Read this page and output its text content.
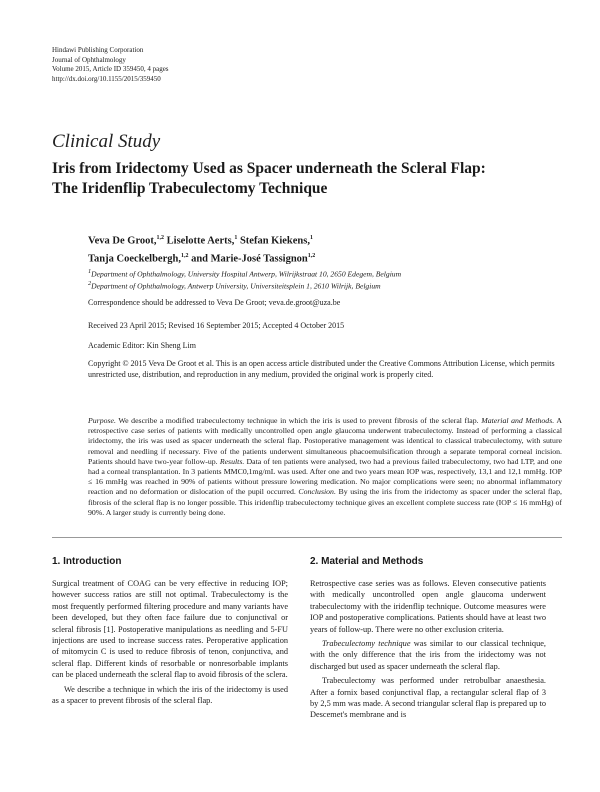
Hindawi Publishing Corporation
Journal of Ophthalmology
Volume 2015, Article ID 359450, 4 pages
http://dx.doi.org/10.1155/2015/359450
Clinical Study
Iris from Iridectomy Used as Spacer underneath the Scleral Flap:
The Iridenflip Trabeculectomy Technique
Veva De Groot,$^{1,2}$ Liselotte Aerts,$^1$ Stefan Kiekens,$^1$
Tanja Coeckelbergh,$^{1,2}$ and Marie-José Tassignon$^{1,2}$
$^1$Department of Ophthalmology, University Hospital Antwerp, Wilrijkstraat 10, 2650 Edegem, Belgium
$^2$Department of Ophthalmology, Antwerp University, Universiteitsplein 1, 2610 Wilrijk, Belgium
Correspondence should be addressed to Veva De Groot; veva.de.groot@uza.be
Received 23 April 2015; Revised 16 September 2015; Accepted 4 October 2015
Academic Editor: Kin Sheng Lim
Copyright © 2015 Veva De Groot et al. This is an open access article distributed under the Creative Commons Attribution License, which permits unrestricted use, distribution, and reproduction in any medium, provided the original work is properly cited.

Purpose. We describe a modified trabeculectomy technique in which the iris is used to prevent fibrosis of the scleral flap. Material and Methods. A retrospective case series of patients with medically uncontrolled open angle glaucoma underwent trabeculectomy. Instead of performing a classical iridectomy, the iris was used as spacer underneath the scleral flap. Postoperative management was identical to classical trabeculectomy, with suture removal and needling if necessary. Five of the patients underwent simultaneous phacoemulsification through a separate temporal corneal incision. Patients should have two-year follow-up. Results. Data of ten patients were analysed, two had a previous failed trabeculectomy, two had LTP, and one had a corneal transplantation. In 3 patients MMC0,1mg/mL was used. After one and two years mean IOP was, respectively, 13,1 and 12,1 mmHg. IOP ≤ 16 mmHg was reached in 90% of patients without pressure lowering medication. No major complications were seen; no abnormal inflammatory reaction and no deformation or dislocation of the pupil occurred. Conclusion. By using the iris from the iridectomy as spacer under the scleral flap, fibrosis of the scleral flap is no longer possible. This iridenflip trabeculectomy technique gives an excellent complete success rate (IOP ≤ 16 mmHg) of 90%. A larger study is currently being done.

1. Introduction

Surgical treatment of COAG can be very effective in reducing IOP; however success ratios are still not optimal. Trabeculectomy is the most frequently performed filtering procedure and many variants have been developed, but they often face failure due to conjunctival or scleral fibrosis [1]. Postoperative manipulations as needling and 5-FU injections are used to increase success rates. Peroperative application of mitomycin C is used to reduce fibrosis of tenon, conjunctiva, and scleral flap. Different kinds of resorbable or nonresorbable implants can be placed underneath the scleral flap to avoid fibrosis of the sclera.

We describe a technique in which the iris of the iridectomy is used as a spacer to prevent fibrosis of the scleral flap.

2. Material and Methods

Retrospective case series was as follows. Eleven consecutive patients with medically uncontrolled open angle glaucoma underwent trabeculectomy with the iridenflip technique. Outcome measures were IOP and postoperative complications. Patients should have at least two years of follow-up. There were no other exclusion criteria.

Trabeculectomy technique was similar to our classical technique, with the only difference that the iris from the iridectomy was not discharged but used as spacer underneath the scleral flap.

Trabeculectomy was performed under retrobulbar anaesthesia. After a fornix based conjunctival flap, a rectangular scleral flap of 3 by 2,5 mm was made. A second triangular scleral flap is prepared up to Descemet's membrane and is
